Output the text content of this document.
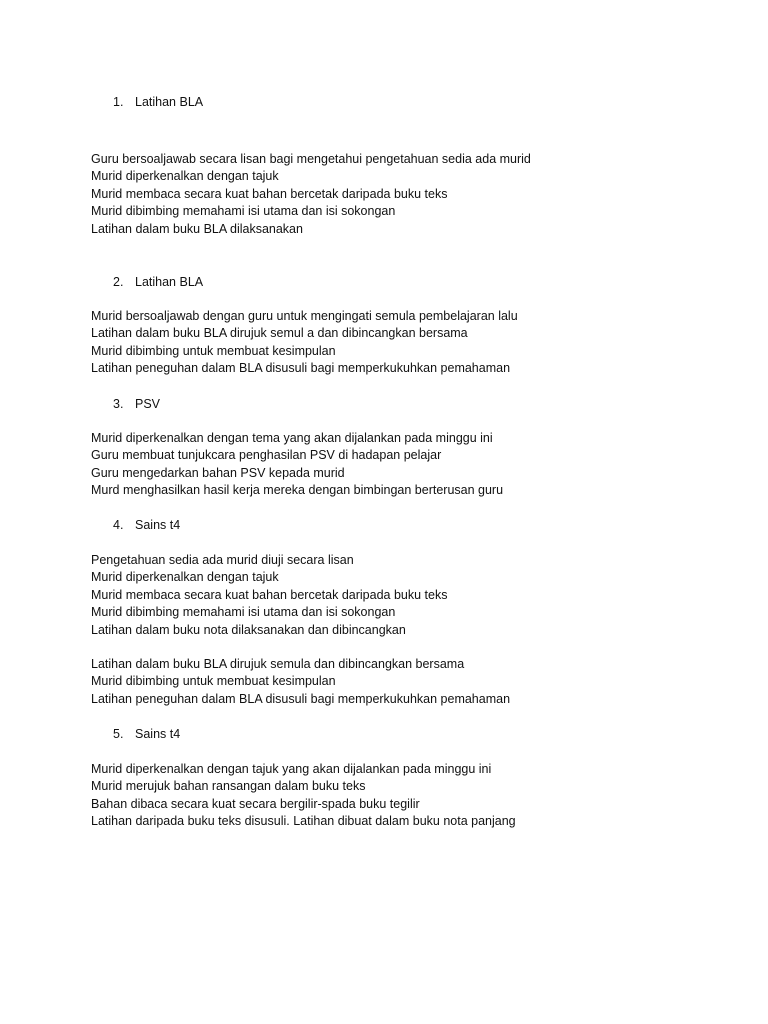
1. Latihan BLA
Guru bersoaljawab secara lisan bagi mengetahui pengetahuan sedia ada murid
Murid diperkenalkan dengan tajuk
Murid membaca secara kuat bahan bercetak daripada buku teks
Murid dibimbing memahami isi utama dan isi sokongan
Latihan dalam buku BLA dilaksanakan
2. Latihan BLA
Murid bersoaljawab dengan guru untuk mengingati semula pembelajaran lalu
Latihan dalam buku BLA dirujuk semul a dan dibincangkan bersama
Murid dibimbing untuk membuat kesimpulan
Latihan peneguhan dalam BLA disusuli bagi memperkukuhkan pemahaman
3. PSV
Murid diperkenalkan dengan tema yang akan dijalankan pada minggu ini
Guru membuat tunjukcara penghasilan PSV di hadapan pelajar
Guru mengedarkan bahan PSV kepada murid
Murd menghasilkan hasil kerja mereka dengan bimbingan berterusan guru
4. Sains t4
Pengetahuan sedia ada murid diuji secara lisan
Murid diperkenalkan dengan tajuk
Murid membaca secara kuat bahan bercetak daripada buku teks
Murid dibimbing memahami isi utama dan isi sokongan
Latihan dalam buku nota dilaksanakan dan dibincangkan
Latihan dalam buku BLA dirujuk semula dan dibincangkan bersama
Murid dibimbing untuk membuat kesimpulan
Latihan peneguhan dalam BLA disusuli bagi memperkukuhkan pemahaman
5. Sains t4
Murid diperkenalkan dengan tajuk yang akan dijalankan pada minggu ini
Murid merujuk bahan ransangan dalam buku teks
Bahan dibaca secara kuat secara bergilir-spada buku tegilir
Latihan daripada buku teks disusuli. Latihan dibuat dalam buku nota panjang
